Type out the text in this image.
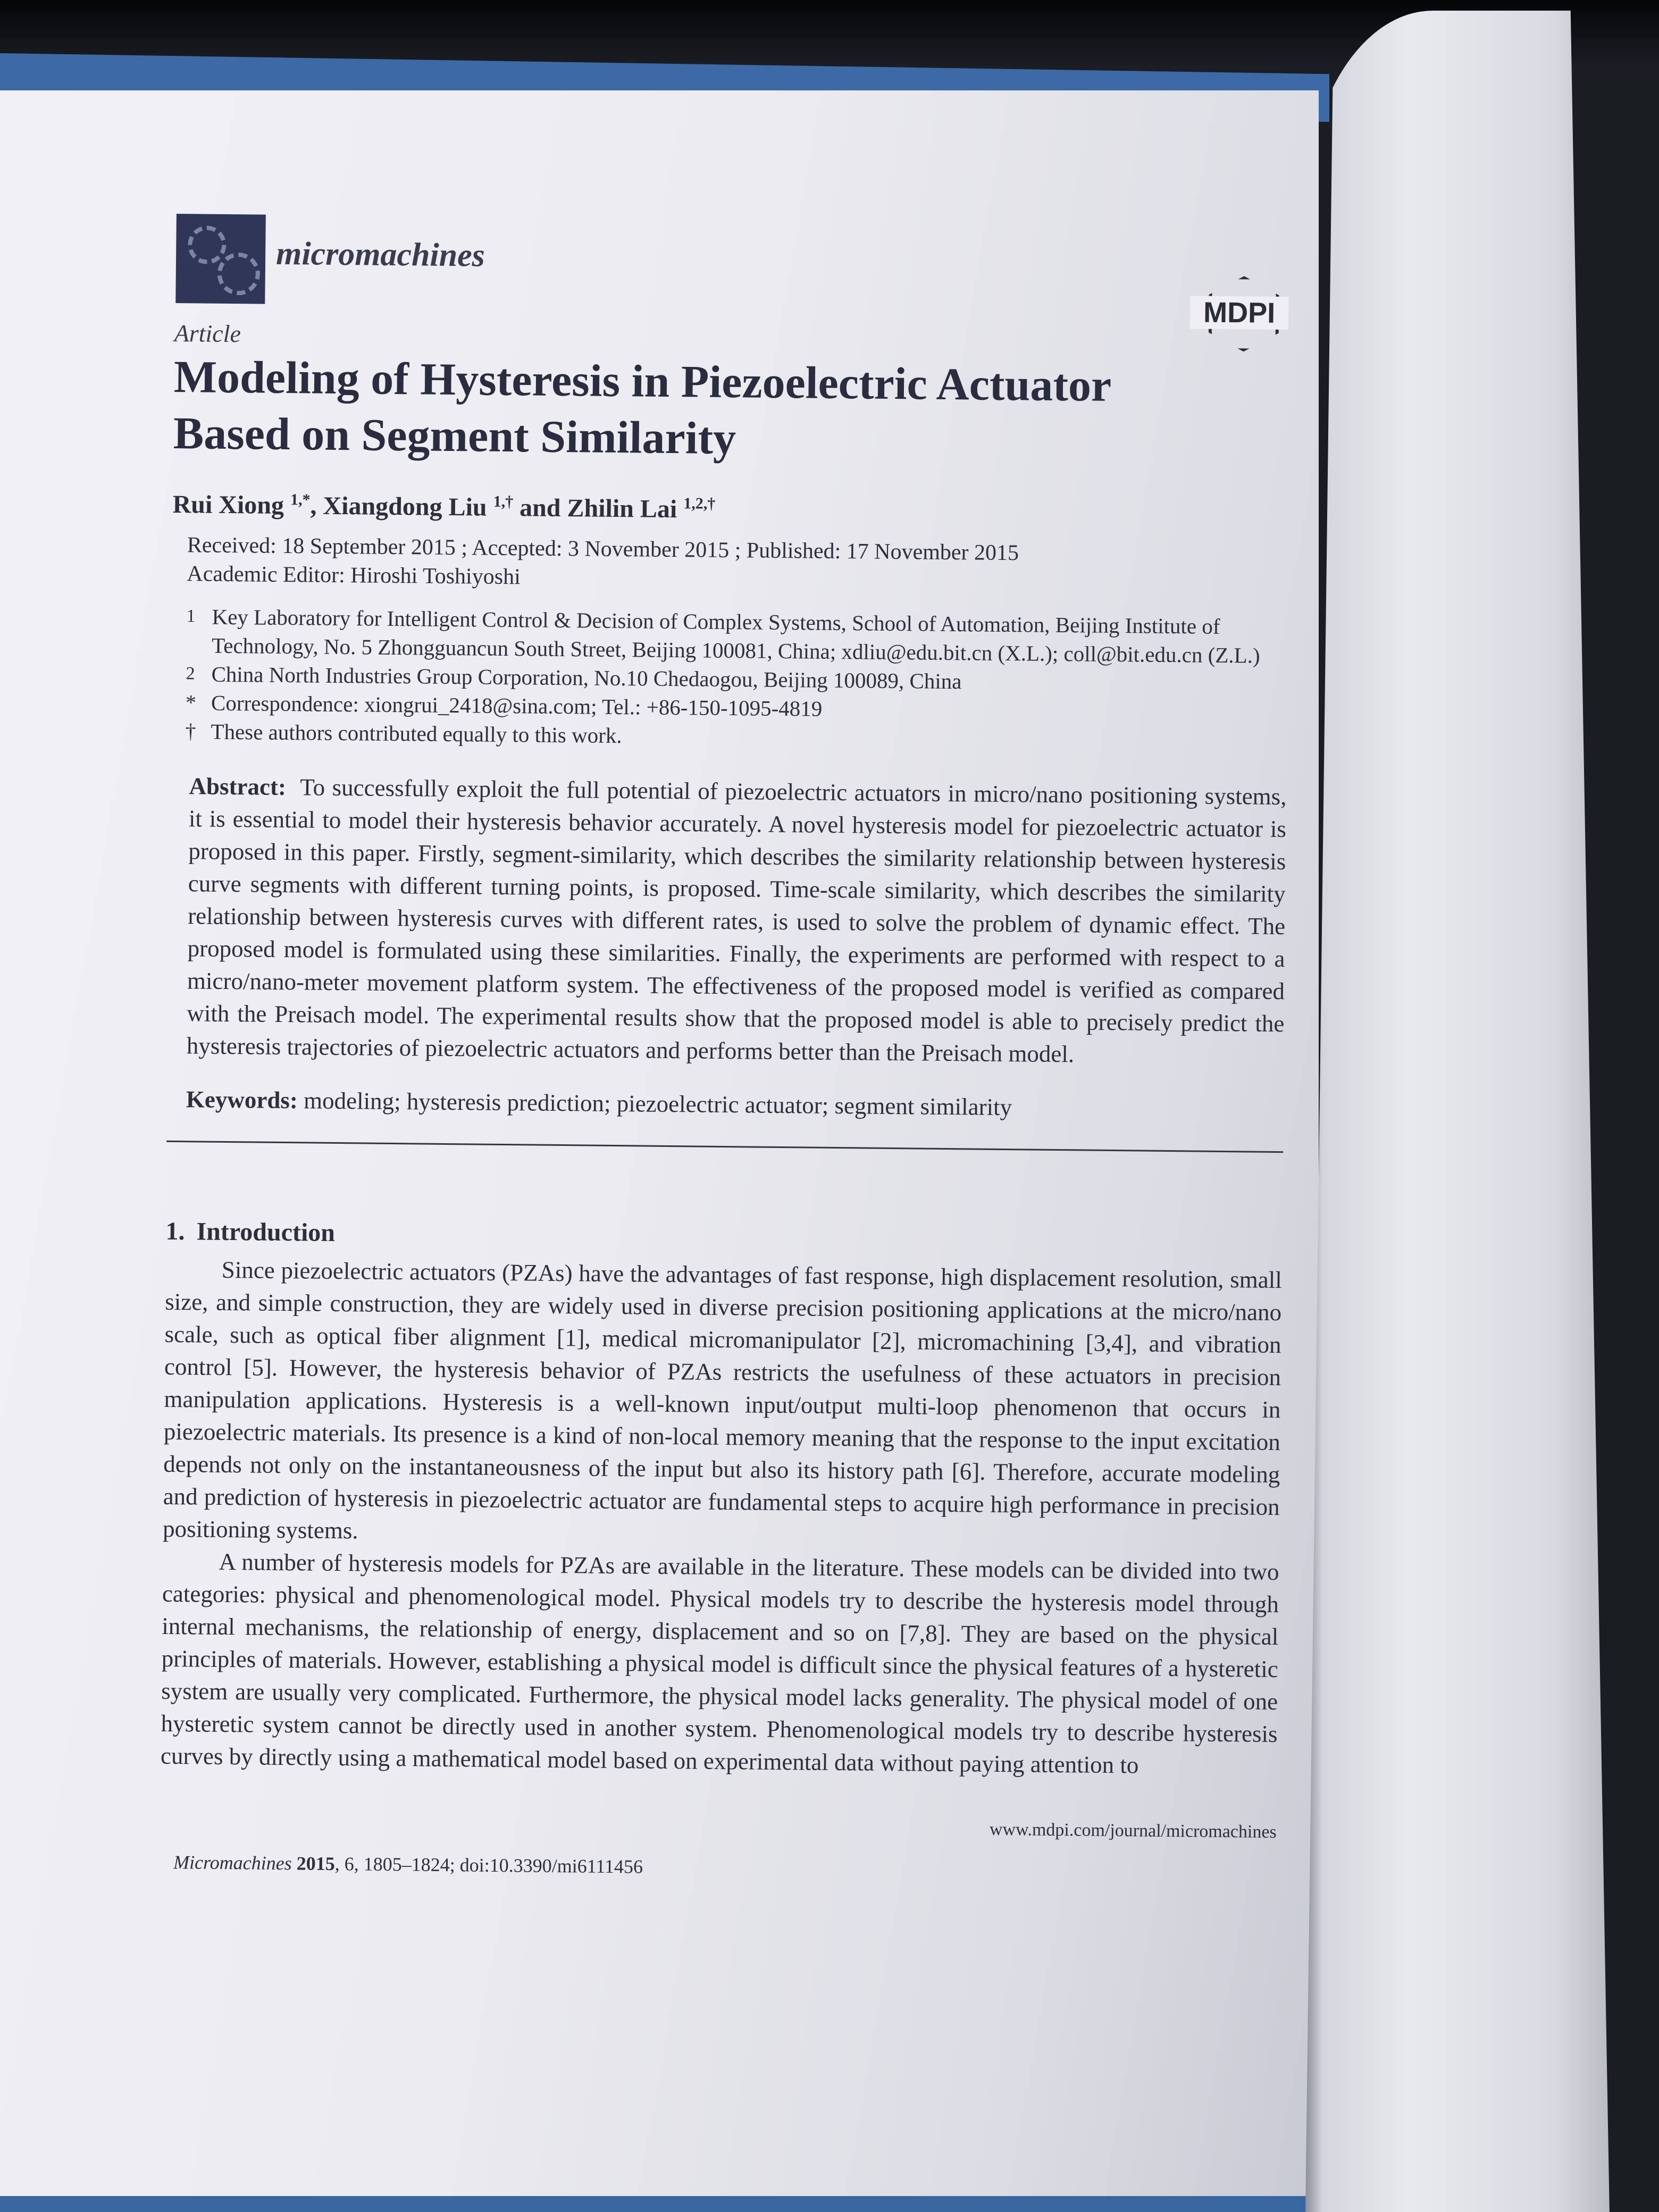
micromachines
MDPI
Article
Modeling of Hysteresis in Piezoelectric Actuator
Based on Segment Similarity
Rui Xiong $^{1,*}$, Xiangdong Liu $^{1,\dagger}$ and Zhilin Lai $^{1,2,\dagger}$
Received: 18 September 2015 ; Accepted: 3 November 2015 ; Published: 17 November 2015
Academic Editor: Hiroshi Toshiyoshi
1 Key Laboratory for Intelligent Control & Decision of Complex Systems, School of Automation, Beijing Institute of Technology, No. 5 Zhongguancun South Street, Beijing 100081, China; xdliu@edu.bit.cn (X.L.); coll@bit.edu.cn (Z.L.)
2 China North Industries Group Corporation, No.10 Chedaogou, Beijing 100089, China
* Correspondence: xiongrui_2418@sina.com; Tel.: +86-150-1095-4819
† These authors contributed equally to this work.
Abstract: To successfully exploit the full potential of piezoelectric actuators in micro/nano positioning systems, it is essential to model their hysteresis behavior accurately. A novel hysteresis model for piezoelectric actuator is proposed in this paper. Firstly, segment-similarity, which describes the similarity relationship between hysteresis curve segments with different turning points, is proposed. Time-scale similarity, which describes the similarity relationship between hysteresis curves with different rates, is used to solve the problem of dynamic effect. The proposed model is formulated using these similarities. Finally, the experiments are performed with respect to a micro/nano-meter movement platform system. The effectiveness of the proposed model is verified as compared with the Preisach model. The experimental results show that the proposed model is able to precisely predict the hysteresis trajectories of piezoelectric actuators and performs better than the Preisach model.
Keywords: modeling; hysteresis prediction; piezoelectric actuator; segment similarity
1. Introduction
Since piezoelectric actuators (PZAs) have the advantages of fast response, high displacement resolution, small size, and simple construction, they are widely used in diverse precision positioning applications at the micro/nano scale, such as optical fiber alignment [1], medical micromanipulator [2], micromachining [3,4], and vibration control [5]. However, the hysteresis behavior of PZAs restricts the usefulness of these actuators in precision manipulation applications. Hysteresis is a well-known input/output multi-loop phenomenon that occurs in piezoelectric materials. Its presence is a kind of non-local memory meaning that the response to the input excitation depends not only on the instantaneousness of the input but also its history path [6]. Therefore, accurate modeling and prediction of hysteresis in piezoelectric actuator are fundamental steps to acquire high performance in precision positioning systems.
A number of hysteresis models for PZAs are available in the literature. These models can be divided into two categories: physical and phenomenological model. Physical models try to describe the hysteresis model through internal mechanisms, the relationship of energy, displacement and so on [7,8]. They are based on the physical principles of materials. However, establishing a physical model is difficult since the physical features of a hysteretic system are usually very complicated. Furthermore, the physical model lacks generality. The physical model of one hysteretic system cannot be directly used in another system. Phenomenological models try to describe hysteresis curves by directly using a mathematical model based on experimental data without paying attention to
www.mdpi.com/journal/micromachines
Micromachines 2015, 6, 1805–1824; doi:10.3390/mi6111456
